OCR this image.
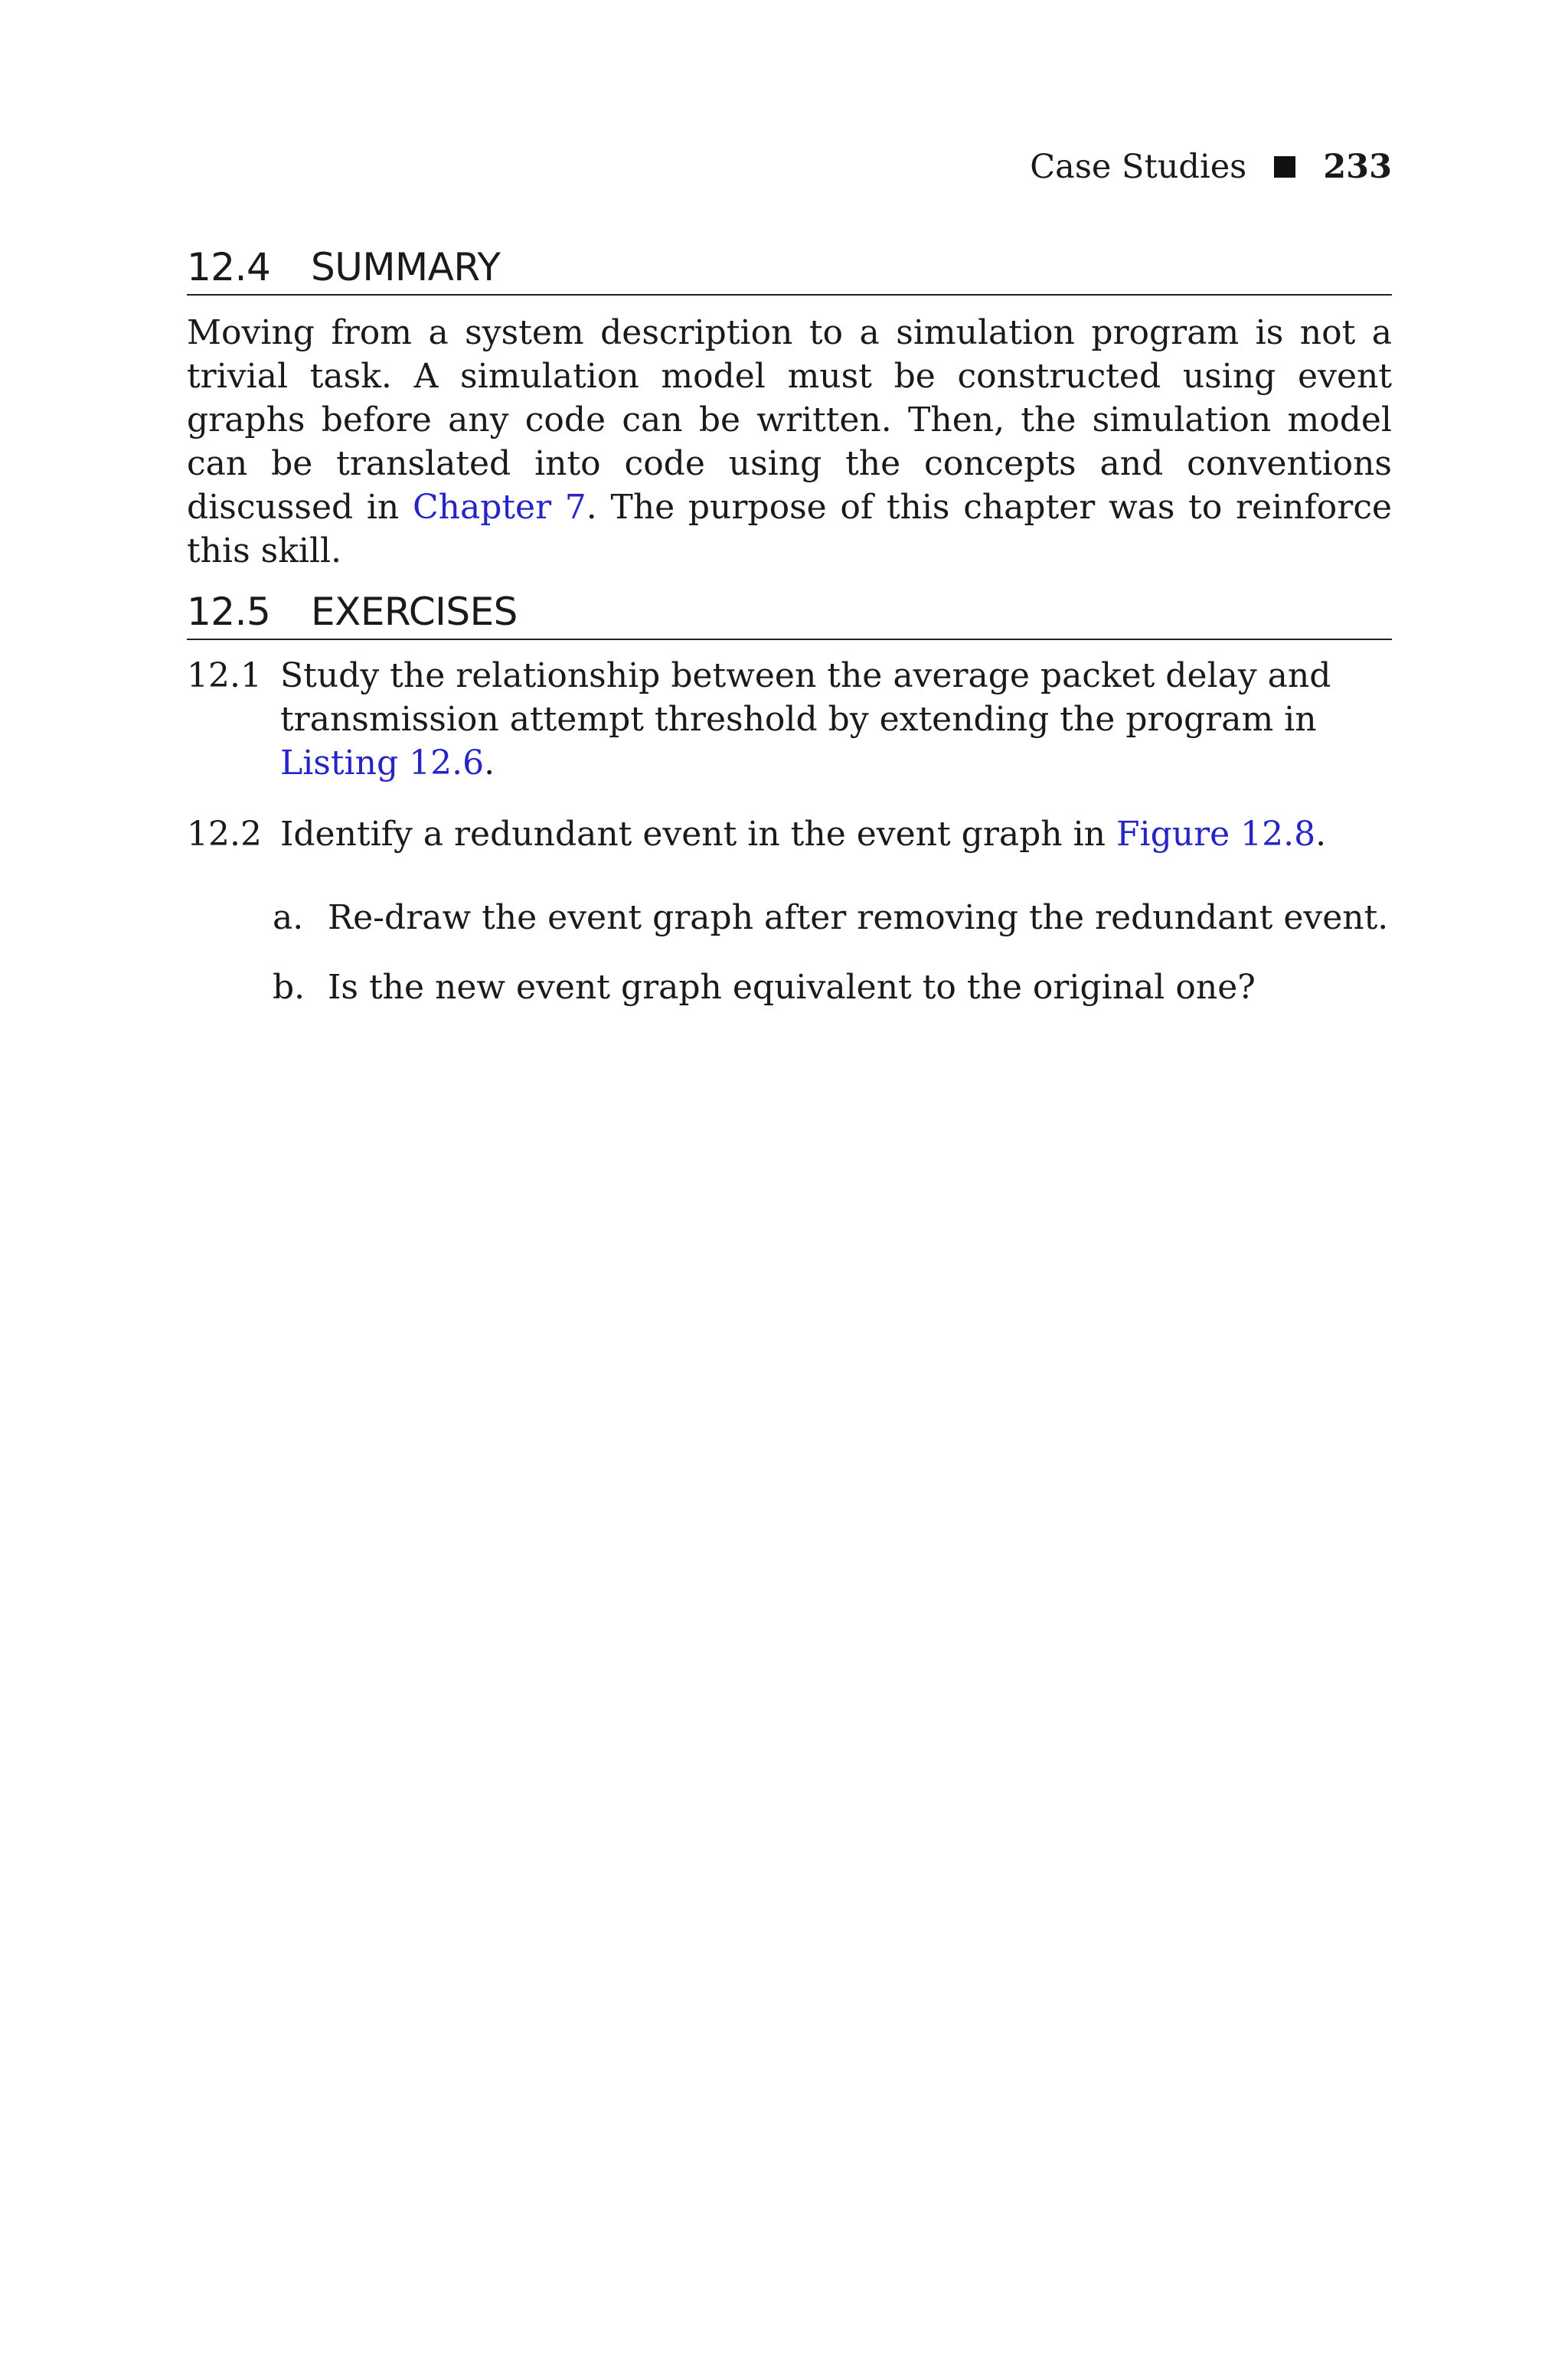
Case Studies 233
12.4	SUMMARY
Moving from a system description to a simulation program is not a trivial task. A simulation model must be constructed using event graphs before any code can be written. Then, the simulation model can be translated into code using the concepts and conventions discussed in Chapter 7. The purpose of this chapter was to reinforce this skill.
12.5	EXERCISES
12.1 Study the relationship between the average packet delay and transmission attempt threshold by extending the program in Listing 12.6.
12.2 Identify a redundant event in the event graph in Figure 12.8.
a. Re-draw the event graph after removing the redundant event.
b. Is the new event graph equivalent to the original one?
